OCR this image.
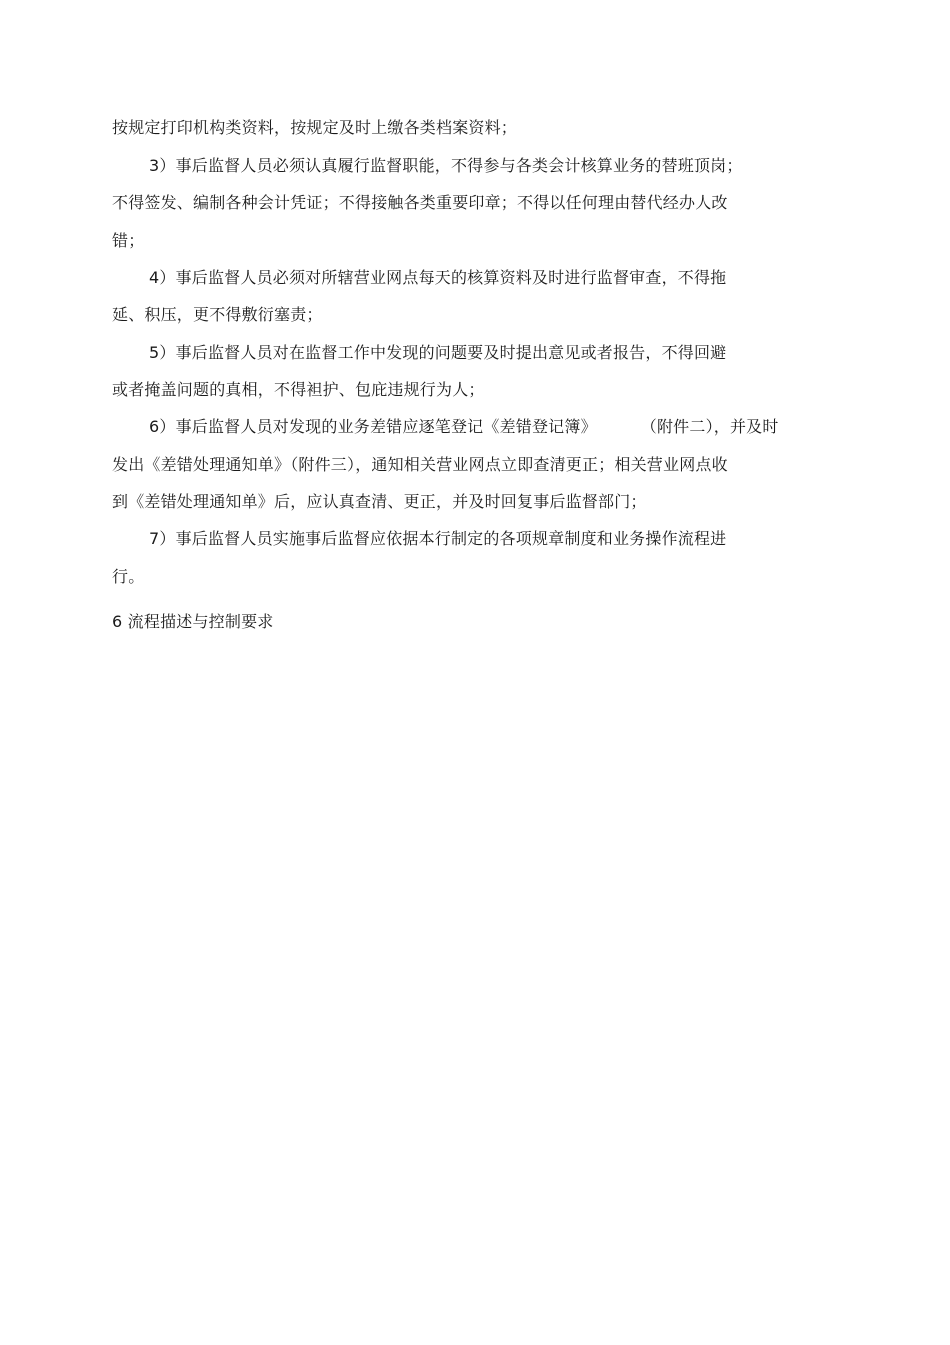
按规定打印机构类资料，按规定及时上缴各类档案资料；
3）事后监督人员必须认真履行监督职能，不得参与各类会计核算业务的替班顶岗；
不得签发、编制各种会计凭证；不得接触各类重要印章；不得以任何理由替代经办人改
错；
4）事后监督人员必须对所辖营业网点每天的核算资料及时进行监督审查，不得拖
延、积压，更不得敷衍塞责；
5）事后监督人员对在监督工作中发现的问题要及时提出意见或者报告，不得回避
或者掩盖问题的真相，不得袒护、包庇违规行为人；
6）事后监督人员对发现的业务差错应逐笔登记《差错登记簿》	（附件二），并及时
发出《差错处理通知单》（附件三），通知相关营业网点立即查清更正；相关营业网点收
到《差错处理通知单》后，应认真查清、更正，并及时回复事后监督部门；
7）事后监督人员实施事后监督应依据本行制定的各项规章制度和业务操作流程进
行。
6 流程描述与控制要求
